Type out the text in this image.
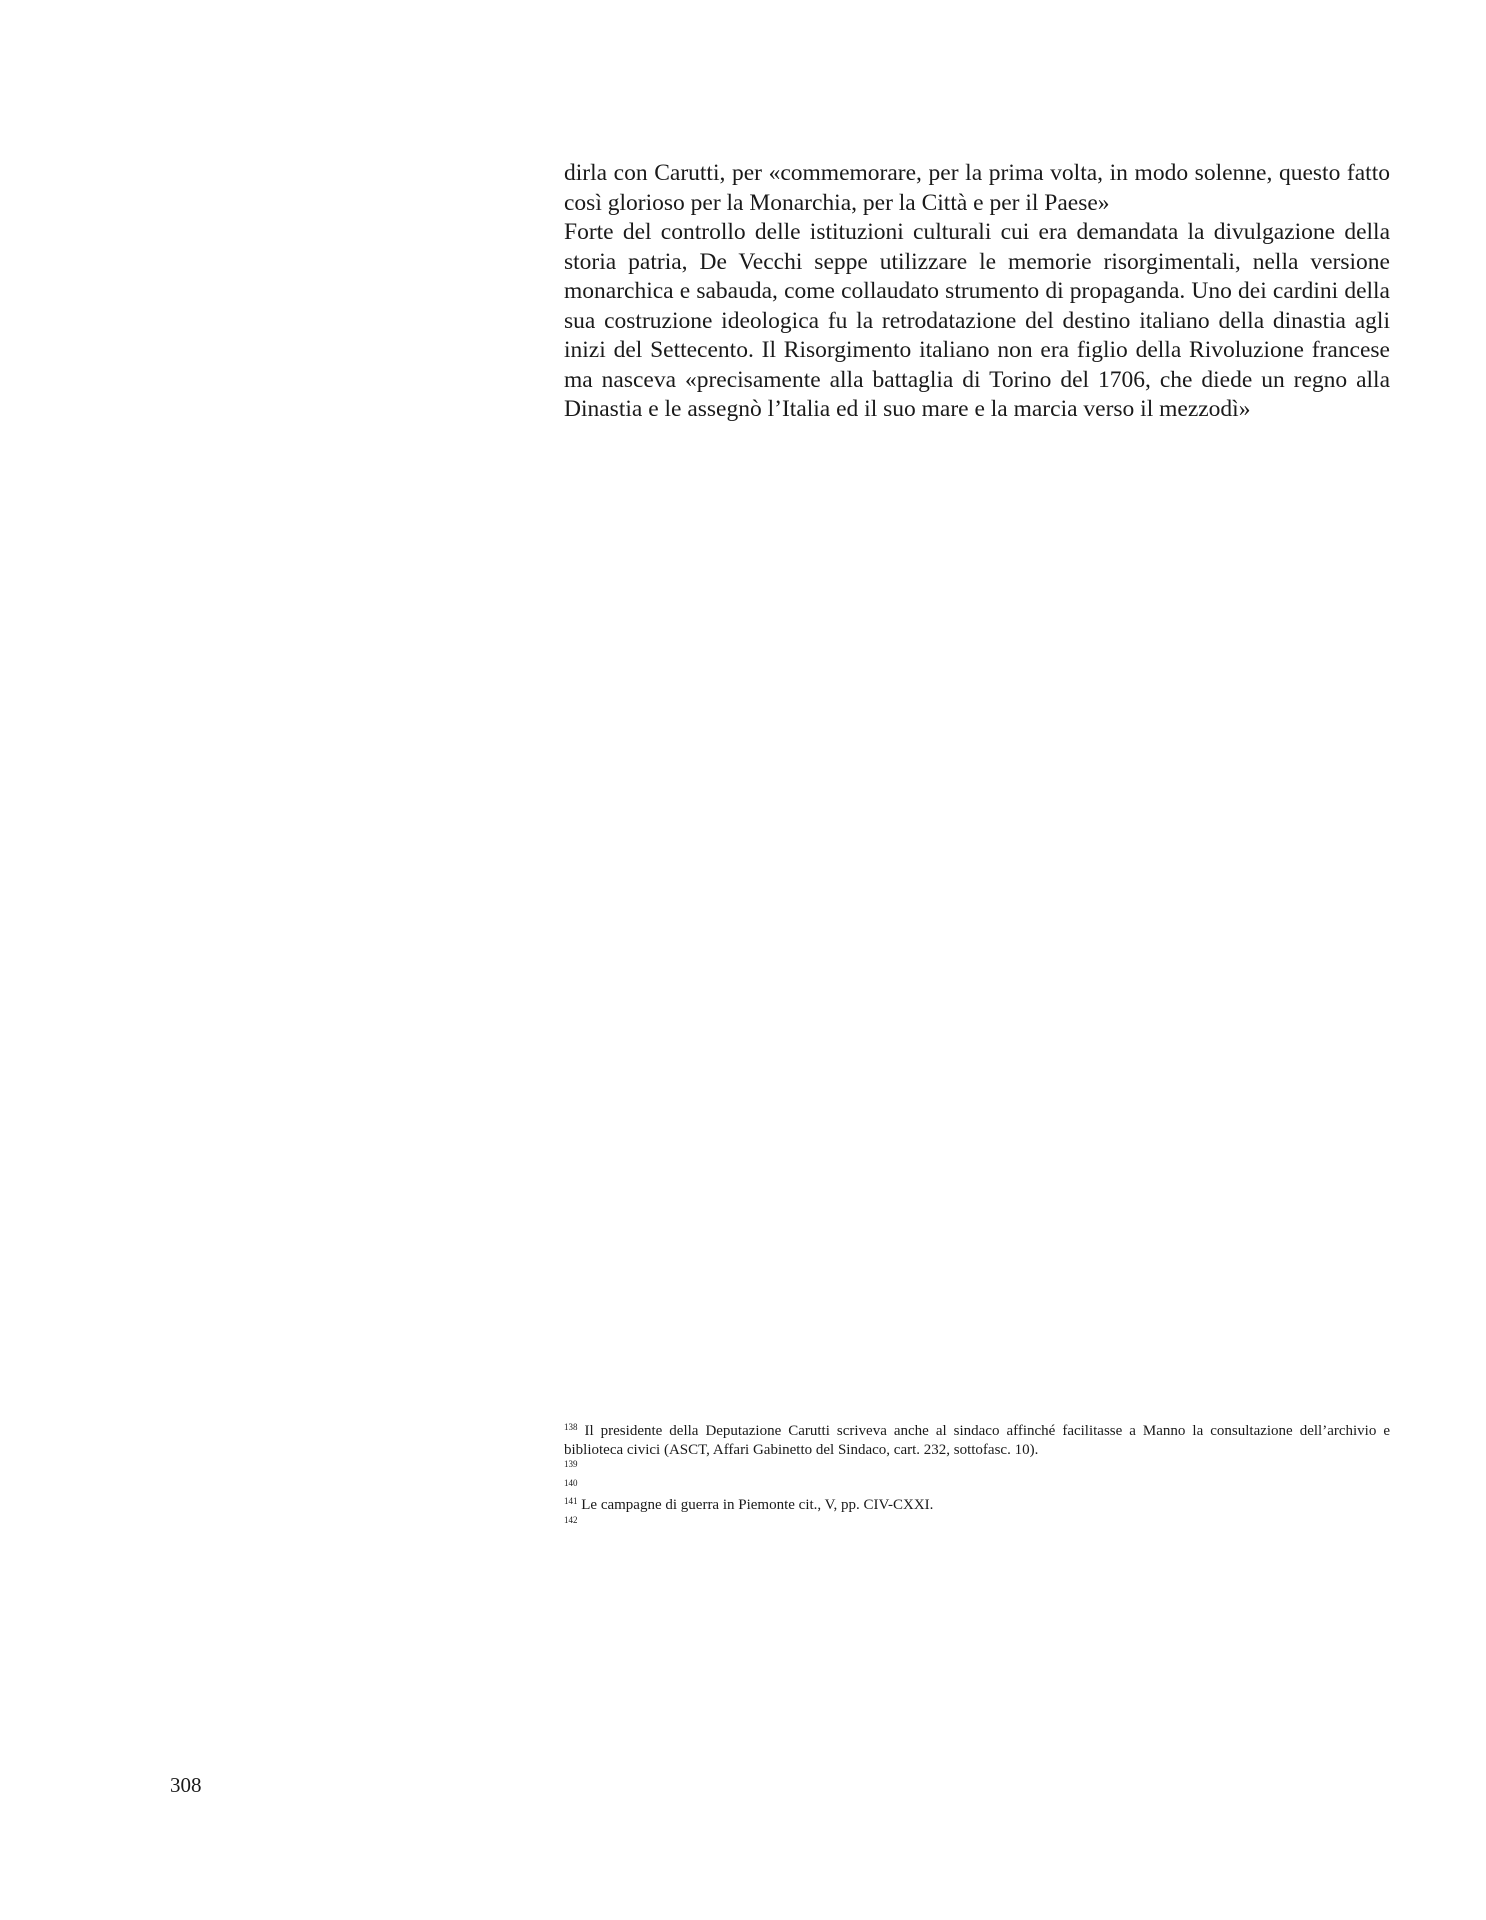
dirla con Carutti, per «commemorare, per la prima volta, in modo solenne, questo fatto così glorioso per la Monarchia, per la Città e per il Paese»

Forte del controllo delle istituzioni culturali cui era demandata la divulgazione della storia patria, De Vecchi seppe utilizzare le memorie risorgimentali, nella versione monarchica e sabauda, come collaudato strumento di propaganda. Uno dei cardini della sua costruzione ideologica fu la retrodatazione del destino italiano della dinastia agli inizi del Settecento. Il Risorgimento italiano non era figlio della Rivoluzione francese ma nasceva «precisamente alla battaglia di Torino del 1706, che diede un regno alla Dinastia e le assegnò l’Italia ed il suo mare e la marcia verso il mezzodì»

$^{138}$ Il presidente della Deputazione Carutti scriveva anche al sindaco affinché facilitasse a Manno la consultazione dell’archivio e biblioteca civici (ASCT, Affari Gabinetto del Sindaco, cart. 232, sottofasc. 10).
$^{139}$
$^{140}$
$^{141}$ Le campagne di guerra in Piemonte cit., V, pp. CIV-CXXI.
$^{142}$
308
